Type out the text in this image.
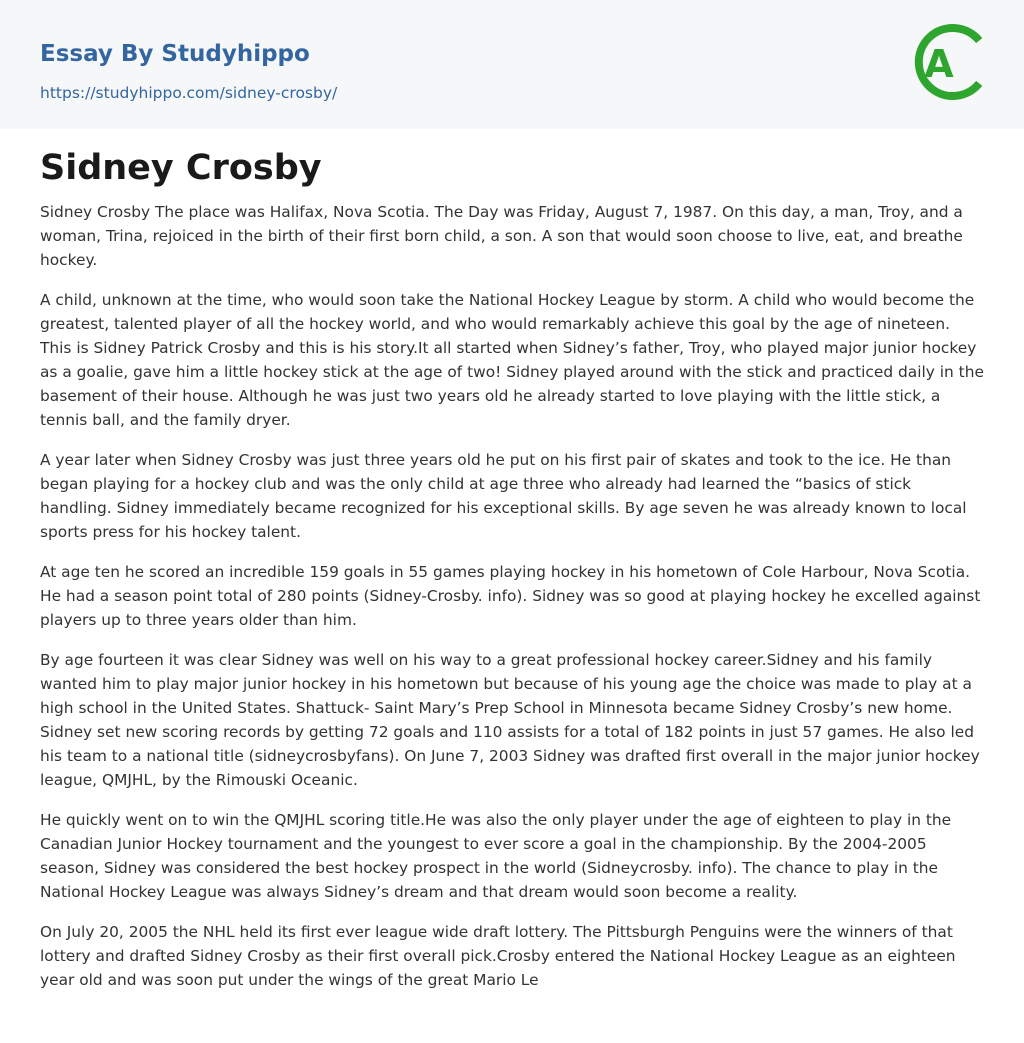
Essay By Studyhippo
https://studyhippo.com/sidney-crosby/
A
Sidney Crosby

Sidney Crosby The place was Halifax, Nova Scotia. The Day was Friday, August 7, 1987. On this day, a man, Troy, and a woman, Trina, rejoiced in the birth of their first born child, a son. A son that would soon choose to live, eat, and breathe hockey.

A child, unknown at the time, who would soon take the National Hockey League by storm. A child who would become the greatest, talented player of all the hockey world, and who would remarkably achieve this goal by the age of nineteen. This is Sidney Patrick Crosby and this is his story.It all started when Sidney’s father, Troy, who played major junior hockey as a goalie, gave him a little hockey stick at the age of two! Sidney played around with the stick and practiced daily in the basement of their house. Although he was just two years old he already started to love playing with the little stick, a tennis ball, and the family dryer.

A year later when Sidney Crosby was just three years old he put on his first pair of skates and took to the ice. He than began playing for a hockey club and was the only child at age three who already had learned the “basics of stick handling. Sidney immediately became recognized for his exceptional skills. By age seven he was already known to local sports press for his hockey talent.

At age ten he scored an incredible 159 goals in 55 games playing hockey in his hometown of Cole Harbour, Nova Scotia. He had a season point total of 280 points (Sidney-Crosby. info). Sidney was so good at playing hockey he excelled against players up to three years older than him.

By age fourteen it was clear Sidney was well on his way to a great professional hockey career.Sidney and his family wanted him to play major junior hockey in his hometown but because of his young age the choice was made to play at a high school in the United States. Shattuck- Saint Mary’s Prep School in Minnesota became Sidney Crosby’s new home. Sidney set new scoring records by getting 72 goals and 110 assists for a total of 182 points in just 57 games. He also led his team to a national title (sidneycrosbyfans). On June 7, 2003 Sidney was drafted first overall in the major junior hockey league, QMJHL, by the Rimouski Oceanic.

He quickly went on to win the QMJHL scoring title.He was also the only player under the age of eighteen to play in the Canadian Junior Hockey tournament and the youngest to ever score a goal in the championship. By the 2004-2005 season, Sidney was considered the best hockey prospect in the world (Sidneycrosby. info). The chance to play in the National Hockey League was always Sidney’s dream and that dream would soon become a reality.

On July 20, 2005 the NHL held its first ever league wide draft lottery. The Pittsburgh Penguins were the winners of that lottery and drafted Sidney Crosby as their first overall pick.Crosby entered the National Hockey League as an eighteen year old and was soon put under the wings of the great Mario Le
